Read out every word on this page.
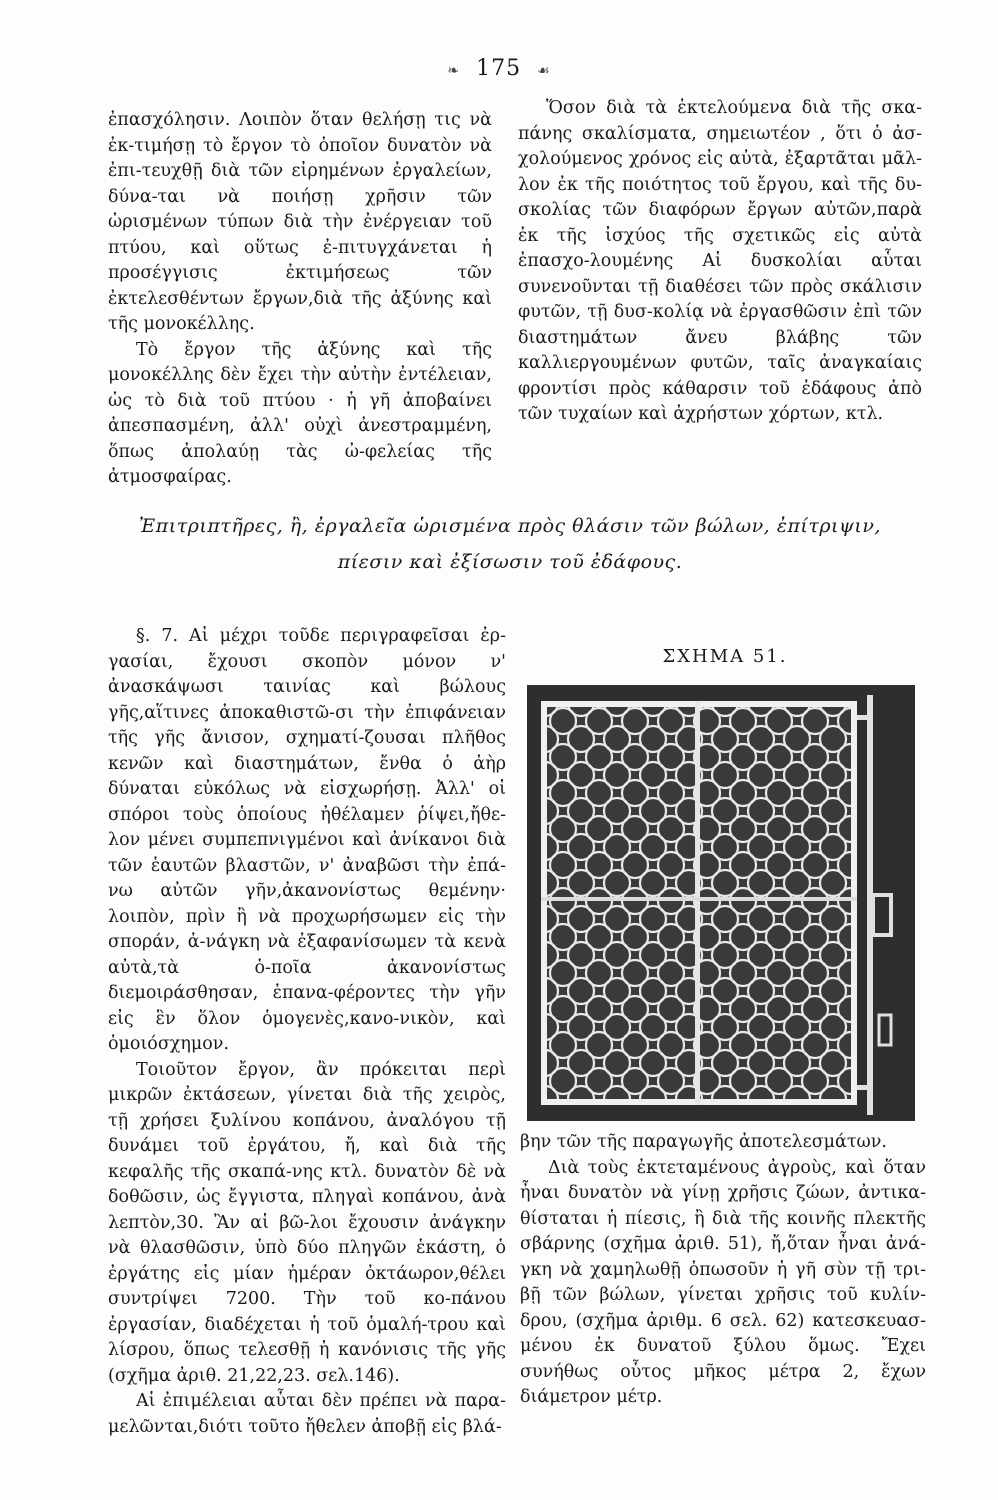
❧ 175 ☙

ἐπασχόλησιν. Λοιπὸν ὅταν θελήσῃ τις νὰ ἐκ-τιμήσῃ τὸ ἔργον τὸ ὁποῖον δυνατὸν νὰ ἐπι-τευχθῇ διὰ τῶν εἰρημένων ἐργαλείων, δύνα-ται νὰ ποιήσῃ χρῆσιν τῶν ὡρισμένων τύπων διὰ τὴν ἐνέργειαν τοῦ πτύου, καὶ οὕτως ἐ-πιτυγχάνεται ἡ προσέγγισις ἐκτιμήσεως τῶν ἐκτελεσθέντων ἔργων,διὰ τῆς ἀξύνης καὶ τῆς μονοκέλλης.

Τὸ ἔργον τῆς ἀξύνης καὶ τῆς μονοκέλλης δὲν ἔχει τὴν αὐτὴν ἐντέλειαν, ὡς τὸ διὰ τοῦ πτύου · ἡ γῆ ἀποβαίνει ἀπεσπασμένη, ἀλλ' οὐχὶ ἀνεστραμμένη, ὅπως ἀπολαύῃ τὰς ὠ-φελείας τῆς ἀτμοσφαίρας.

Ὅσον διὰ τὰ ἐκτελούμενα διὰ τῆς σκα-πάνης σκαλίσματα, σημειωτέον , ὅτι ὁ ἀσ-χολούμενος χρόνος εἰς αὐτὰ, ἐξαρτᾶται μᾶλ-λον ἐκ τῆς ποιότητος τοῦ ἔργου, καὶ τῆς δυ-σκολίας τῶν διαφόρων ἔργων αὐτῶν,παρὰ ἐκ τῆς ἰσχύος τῆς σχετικῶς εἰς αὐτὰ ἐπασχο-λουμένης Αἱ δυσκολίαι αὗται συνενοῦνται τῇ διαθέσει τῶν πρὸς σκάλισιν φυτῶν, τῇ δυσ-κολίᾳ νὰ ἐργασθῶσιν ἐπὶ τῶν διαστημάτων ἄνευ βλάβης τῶν καλλιεργουμένων φυτῶν, ταῖς ἀναγκαίαις φροντίσι πρὸς κάθαρσιν τοῦ ἐδάφους ἀπὸ τῶν τυχαίων καὶ ἀχρήστων χόρτων, κτλ.

Ἐπιτριπτῆρες, ἢ, ἐργαλεῖα ὡρισμένα πρὸς θλάσιν τῶν βώλων, ἐπίτριψιν,
πίεσιν καὶ ἐξίσωσιν τοῦ ἐδάφους.

§. 7. Αἱ μέχρι τοῦδε περιγραφεῖσαι ἐρ-γασίαι, ἔχουσι σκοπὸν μόνον ν' ἀνασκάψωσι ταινίας καὶ βώλους γῆς,αἵτινες ἀποκαθιστῶ-σι τὴν ἐπιφάνειαν τῆς γῆς ἄνισον, σχηματί-ζουσαι πλῆθος κενῶν καὶ διαστημάτων, ἔνθα ὁ ἀὴρ δύναται εὐκόλως νὰ εἰσχωρήσῃ. Ἀλλ' οἱ σπόροι τοὺς ὁποίους ἠθέλαμεν ῥίψει,ἤθε-λον μένει συμπεπνιγμένοι καὶ ἀνίκανοι διὰ τῶν ἑαυτῶν βλαστῶν, ν' ἀναβῶσι τὴν ἐπά-νω αὐτῶν γῆν,ἀκανονίστως θεμένην· λοιπὸν, πρὶν ἢ νὰ προχωρήσωμεν εἰς τὴν σποράν, ἀ-νάγκη νὰ ἐξαφανίσωμεν τὰ κενὰ αὐτὰ,τὰ ὁ-ποῖα ἀκανονίστως διεμοιράσθησαν, ἐπανα-φέροντες τὴν γῆν εἰς ἓν ὅλον ὁμογενὲς,κανο-νικὸν, καὶ ὁμοιόσχημον.

Τοιοῦτον ἔργον, ἂν πρόκειται περὶ μικρῶν ἐκτάσεων, γίνεται διὰ τῆς χειρὸς, τῇ χρήσει ξυλίνου κοπάνου, ἀναλόγου τῇ δυνάμει τοῦ ἐργάτου, ἤ, καὶ διὰ τῆς κεφαλῆς τῆς σκαπά-νης κτλ. δυνατὸν δὲ νὰ δοθῶσιν, ὡς ἔγγιστα, πληγαὶ κοπάνου, ἀνὰ λεπτὸν,30. Ἂν αἱ βῶ-λοι ἔχουσιν ἀνάγκην νὰ θλασθῶσιν, ὑπὸ δύο πληγῶν ἑκάστη, ὁ ἐργάτης εἰς μίαν ἡμέραν ὀκτάωρον,θέλει συντρίψει 7200. Τὴν τοῦ κο-πάνου ἐργασίαν, διαδέχεται ἡ τοῦ ὁμαλή-τρου καὶ λίσρου, ὅπως τελεσθῇ ἡ κανόνισις τῆς γῆς (σχῆμα ἀριθ. 21,22,23. σελ.146).

Αἱ ἐπιμέλειαι αὗται δὲν πρέπει νὰ παρα-μελῶνται,διότι τοῦτο ἤθελεν ἀποβῇ εἰς βλά-

ΣΧΗΜΑ 51.

βην τῶν τῆς παραγωγῆς ἀποτελεσμάτων.

Διὰ τοὺς ἐκτεταμένους ἀγροὺς, καὶ ὅταν ἦναι δυνατὸν νὰ γίνῃ χρῆσις ζώων, ἀντικα-θίσταται ἡ πίεσις, ἢ διὰ τῆς κοινῆς πλεκτῆς σβάρνης (σχῆμα ἀριθ. 51), ἤ,ὅταν ἦναι ἀνά-γκη νὰ χαμηλωθῇ ὁπωσοῦν ἡ γῆ σὺν τῇ τρι-βῇ τῶν βώλων, γίνεται χρῆσις τοῦ κυλίν-δρου, (σχῆμα ἀριθμ. 6 σελ. 62) κατεσκευασ-μένου ἐκ δυνατοῦ ξύλου ὅμως. Ἔχει συνήθως οὗτος μῆκος μέτρα 2, ἔχων διάμετρον μέτρ.
